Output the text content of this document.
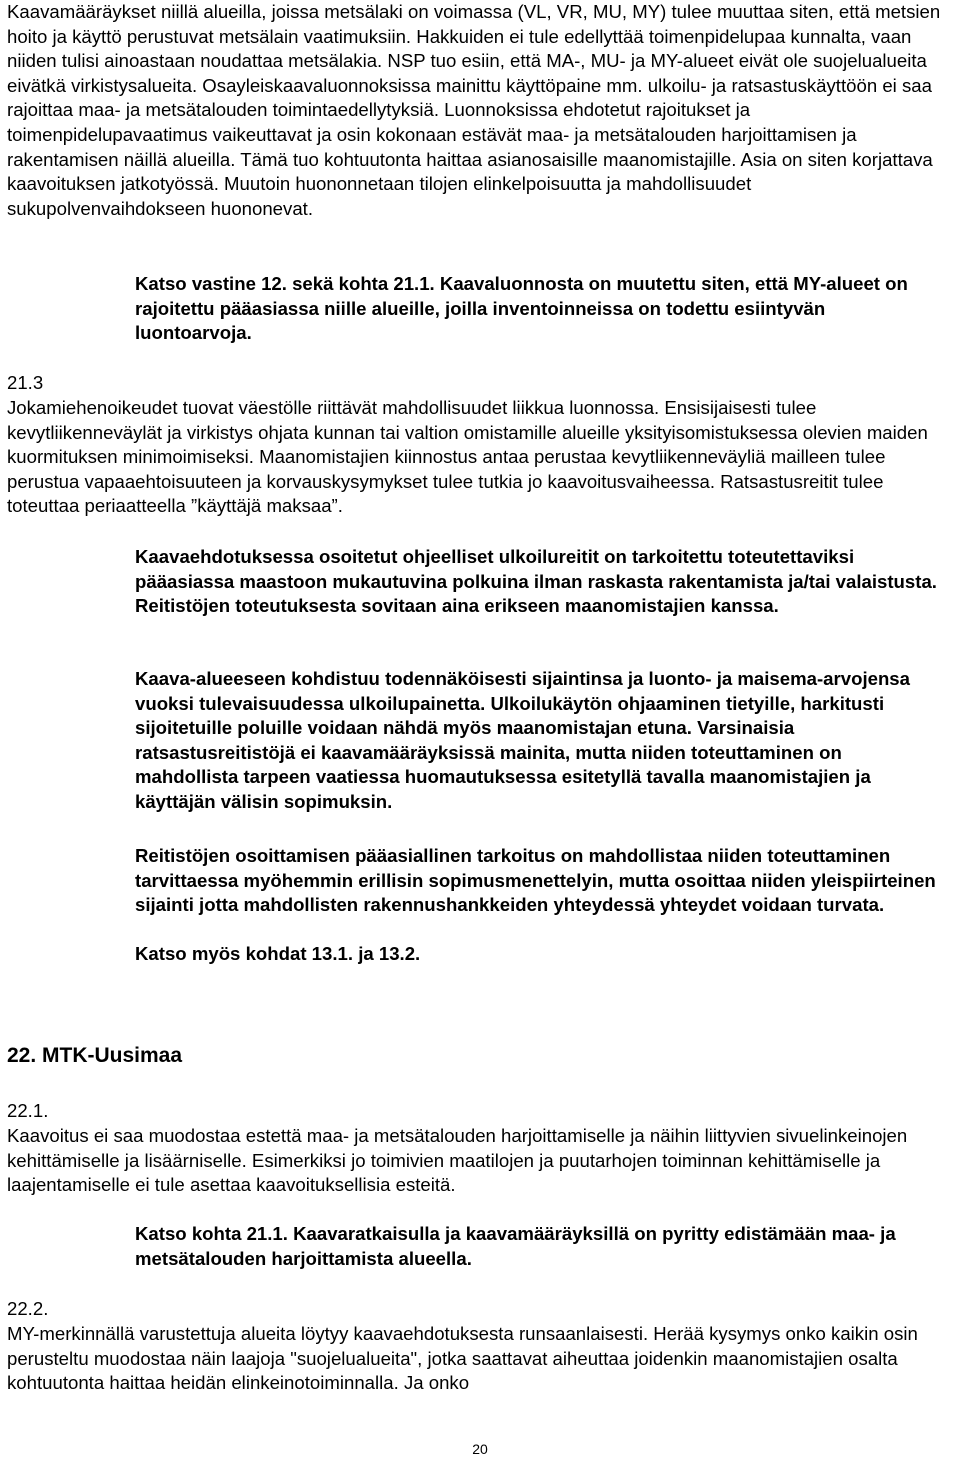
Kaavamääräykset niillä alueilla, joissa metsälaki on voimassa (VL, VR, MU, MY) tulee muuttaa siten, että metsien hoito ja käyttö perustuvat metsälain vaatimuksiin. Hakkuiden ei tule edellyttää toimenpidelupaa kunnalta, vaan niiden tulisi ainoastaan noudattaa metsälakia. NSP tuo esiin, että MA-, MU- ja MY-alueet eivät ole suojelualueita eivätkä virkistysalueita. Osayleiskaavaluonnoksissa mainittu käyttöpaine mm. ulkoilu- ja ratsastuskäyttöön ei saa rajoittaa maa- ja metsätalouden toimintaedellytyksiä. Luonnoksissa ehdotetut rajoitukset ja toimenpidelupavaatimus vaikeuttavat ja osin kokonaan estävät maa- ja metsätalouden harjoittamisen ja rakentamisen näillä alueilla. Tämä tuo kohtuutonta haittaa asianosaisille maanomistajille. Asia on siten korjattava kaavoituksen jatkotyössä. Muutoin huononnetaan tilojen elinkelpoisuutta ja mahdollisuudet sukupolvenvaihdokseen huononevat.

Katso vastine 12. sekä kohta 21.1. Kaavaluonnosta on muutettu siten, että MY-alueet on rajoitettu pääasiassa niille alueille, joilla inventoinneissa on todettu esiintyvän luontoarvoja.

21.3

Jokamiehenoikeudet tuovat väestölle riittävät mahdollisuudet liikkua luonnossa. Ensisijaisesti tulee kevytliikenneväylät ja virkistys ohjata kunnan tai valtion omistamille alueille yksityisomistuksessa olevien maiden kuormituksen minimoimiseksi. Maanomistajien kiinnostus antaa perustaa kevytliikenneväyliä mailleen tulee perustua vapaaehtoisuuteen ja korvauskysymykset tulee tutkia jo kaavoitusvaiheessa. Ratsastusreitit tulee toteuttaa periaatteella ”käyttäjä maksaa”.

Kaavaehdotuksessa osoitetut ohjeelliset ulkoilureitit on tarkoitettu toteutettaviksi pääasiassa maastoon mukautuvina polkuina ilman raskasta rakentamista ja/tai valaistusta. Reitistöjen toteutuksesta sovitaan aina erikseen maanomistajien kanssa.

Kaava-alueeseen kohdistuu todennäköisesti sijaintinsa ja luonto- ja maisema-arvojensa vuoksi tulevaisuudessa ulkoilupainetta. Ulkoilukäytön ohjaaminen tietyille, harkitusti sijoitetuille poluille voidaan nähdä myös maanomistajan etuna. Varsinaisia ratsastusreitistöjä ei kaavamääräyksissä mainita, mutta niiden toteuttaminen on mahdollista tarpeen vaatiessa huomautuksessa esitetyllä tavalla maanomistajien ja käyttäjän välisin sopimuksin.

Reitistöjen osoittamisen pääasiallinen tarkoitus on mahdollistaa niiden toteuttaminen tarvittaessa myöhemmin erillisin sopimusmenettelyin, mutta osoittaa niiden yleispiirteinen sijainti jotta mahdollisten rakennushankkeiden yhteydessä yhteydet voidaan turvata.

Katso myös kohdat 13.1. ja 13.2.

22. MTK-Uusimaa

22.1.

Kaavoitus ei saa muodostaa estettä maa- ja metsätalouden harjoittamiselle ja näihin liittyvien sivuelinkeinojen kehittämiselle ja lisäärniselle. Esimerkiksi jo toimivien maatilojen ja puutarhojen toiminnan kehittämiselle ja laajentamiselle ei tule asettaa kaavoituksellisia esteitä.

Katso kohta 21.1. Kaavaratkaisulla ja kaavamääräyksillä on pyritty edistämään maa- ja metsätalouden harjoittamista alueella.

22.2.

MY-merkinnällä varustettuja alueita löytyy kaavaehdotuksesta runsaanlaisesti. Herää kysymys onko kaikin osin perusteltu muodostaa näin laajoja "suojelualueita", jotka saattavat aiheuttaa joidenkin maanomistajien osalta kohtuutonta haittaa heidän elinkeinotoiminnalla. Ja onko

20
